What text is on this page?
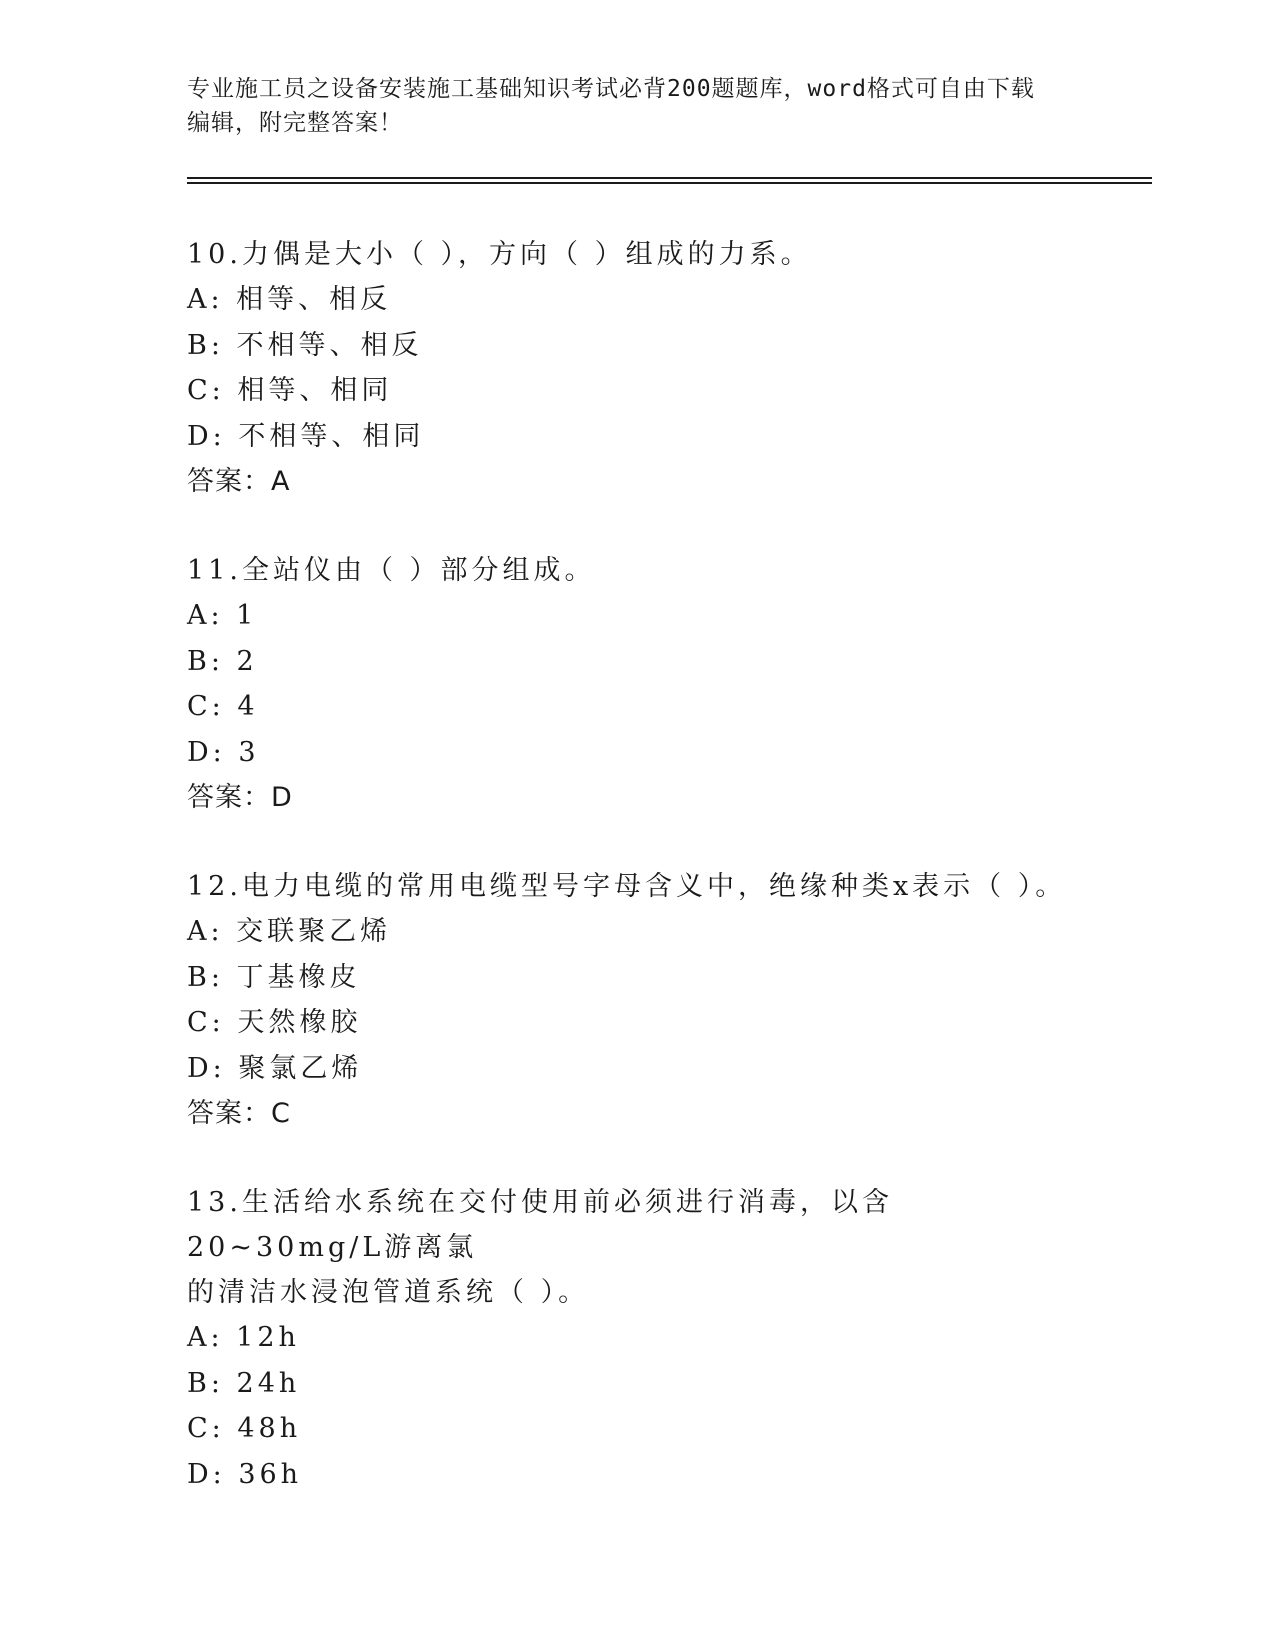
专业施工员之设备安装施工基础知识考试必背200题题库，word格式可自由下载
编辑，附完整答案！
10.力偶是大小（ ），方向（ ）组成的力系。
A: 相等、相反
B: 不相等、相反
C: 相等、相同
D: 不相等、相同
答案：A
11.全站仪由（ ）部分组成。
A: 1
B: 2
C: 4
D: 3
答案：D
12.电力电缆的常用电缆型号字母含义中，绝缘种类x表示（ ）。
A: 交联聚乙烯
B: 丁基橡皮
C: 天然橡胶
D: 聚氯乙烯
答案：C
13.生活给水系统在交付使用前必须进行消毒，以含20~30mg/L游离氯
的清洁水浸泡管道系统（ ）。
A: 12h
B: 24h
C: 48h
D: 36h
